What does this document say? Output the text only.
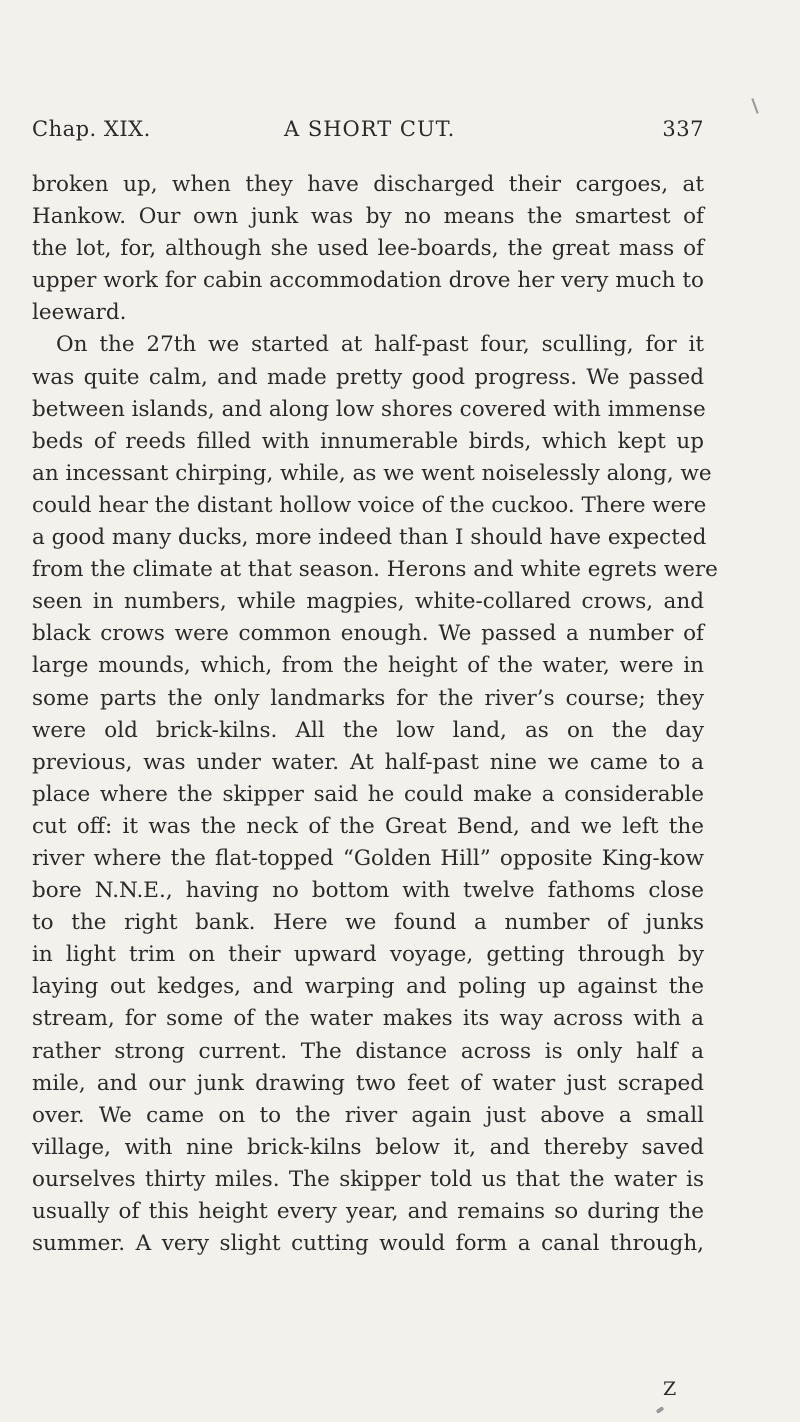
Chap. XIX.	A SHORT CUT.	337
broken up, when they have discharged their cargoes, at
Hankow. Our own junk was by no means the smartest of
the lot, for, although she used lee-boards, the great mass of
upper work for cabin accommodation drove her very much to
leeward.
On the 27th we started at half-past four, sculling, for it
was quite calm, and made pretty good progress. We passed
between islands, and along low shores covered with immense
beds of reeds filled with innumerable birds, which kept up
an incessant chirping, while, as we went noiselessly along, we
could hear the distant hollow voice of the cuckoo. There were
a good many ducks, more indeed than I should have expected
from the climate at that season. Herons and white egrets were
seen in numbers, while magpies, white-collared crows, and
black crows were common enough. We passed a number of
large mounds, which, from the height of the water, were in
some parts the only landmarks for the river’s course; they
were old brick-kilns. All the low land, as on the day
previous, was under water. At half-past nine we came to a
place where the skipper said he could make a considerable
cut off: it was the neck of the Great Bend, and we left the
river where the flat-topped “Golden Hill” opposite King-kow
bore N.N.E., having no bottom with twelve fathoms close
to the right bank. Here we found a number of junks
in light trim on their upward voyage, getting through by
laying out kedges, and warping and poling up against the
stream, for some of the water makes its way across with a
rather strong current. The distance across is only half a
mile, and our junk drawing two feet of water just scraped
over. We came on to the river again just above a small
village, with nine brick-kilns below it, and thereby saved
ourselves thirty miles. The skipper told us that the water is
usually of this height every year, and remains so during the
summer. A very slight cutting would form a canal through,
Z
